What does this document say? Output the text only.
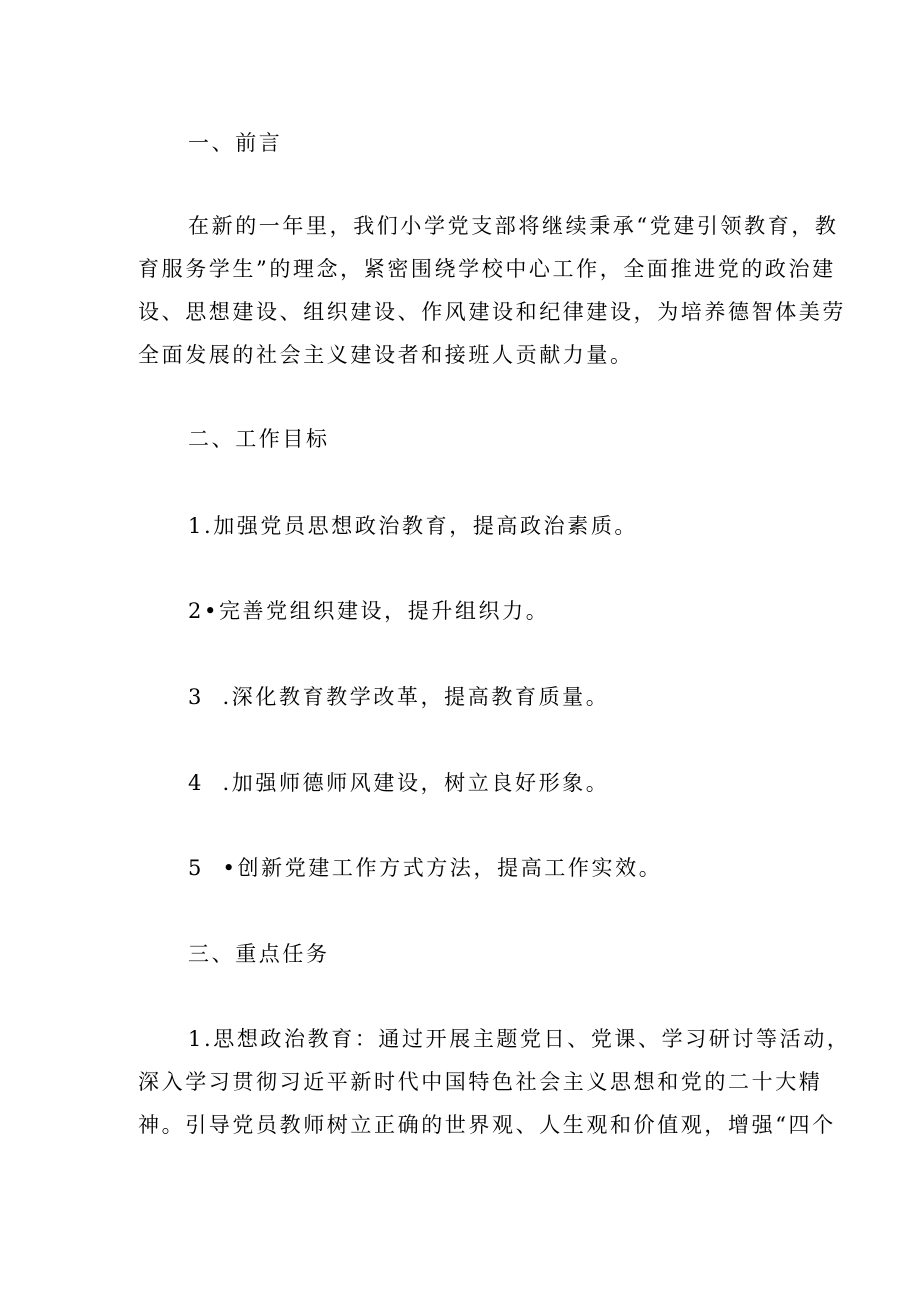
一、前言
在新的一年里，我们小学党支部将继续秉承“党建引领教育，教
育服务学生”的理念，紧密围绕学校中心工作，全面推进党的政治建
设、思想建设、组织建设、作风建设和纪律建设，为培养德智体美劳
全面发展的社会主义建设者和接班人贡献力量。
二、工作目标
1.加强党员思想政治教育，提高政治素质。
2•完善党组织建设，提升组织力。
3  .深化教育教学改革，提高教育质量。
4  .加强师德师风建设，树立良好形象。
5  •创新党建工作方式方法，提高工作实效。
三、重点任务
1.思想政治教育：通过开展主题党日、党课、学习研讨等活动，
深入学习贯彻习近平新时代中国特色社会主义思想和党的二十大精
神。引导党员教师树立正确的世界观、人生观和价值观，增强“四个
